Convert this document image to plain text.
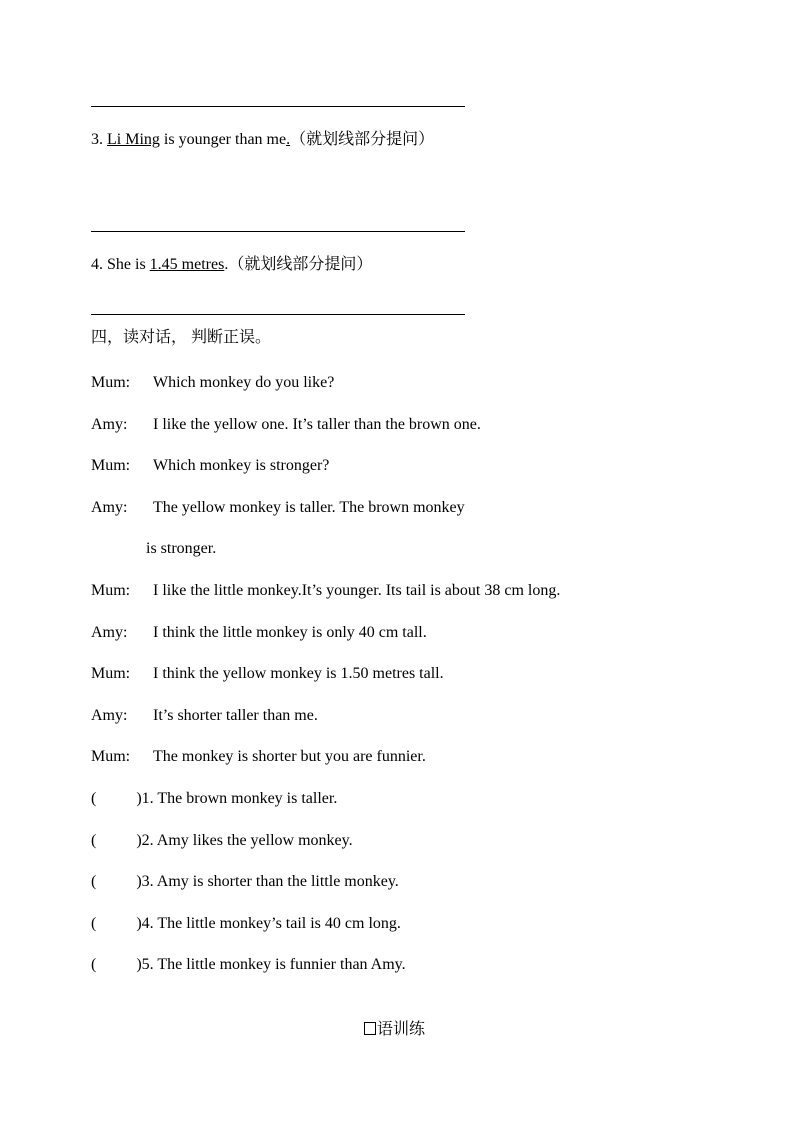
3. Li Ming is younger than me.（就划线部分提问）
4. She is 1.45 metres.（就划线部分提问）
四，读对话， 判断正误。
Mum: Which monkey do you like?
Amy: I like the yellow one. It’s taller than the brown one.
Mum: Which monkey is stronger?
Amy: The yellow monkey is taller. The brown monkey
is stronger.
Mum: I like the little monkey.It’s younger. Its tail is about 38 cm long.
Amy: I think the little monkey is only 40 cm tall.
Mum: I think the yellow monkey is 1.50 metres tall.
Amy: It’s shorter taller than me.
Mum: The monkey is shorter but you are funnier.
(	)1. The brown monkey is taller.
(	)2. Amy likes the yellow monkey.
(	)3. Amy is shorter than the little monkey.
(	)4. The little monkey’s tail is 40 cm long.
(	)5. The little monkey is funnier than Amy.
语训练
